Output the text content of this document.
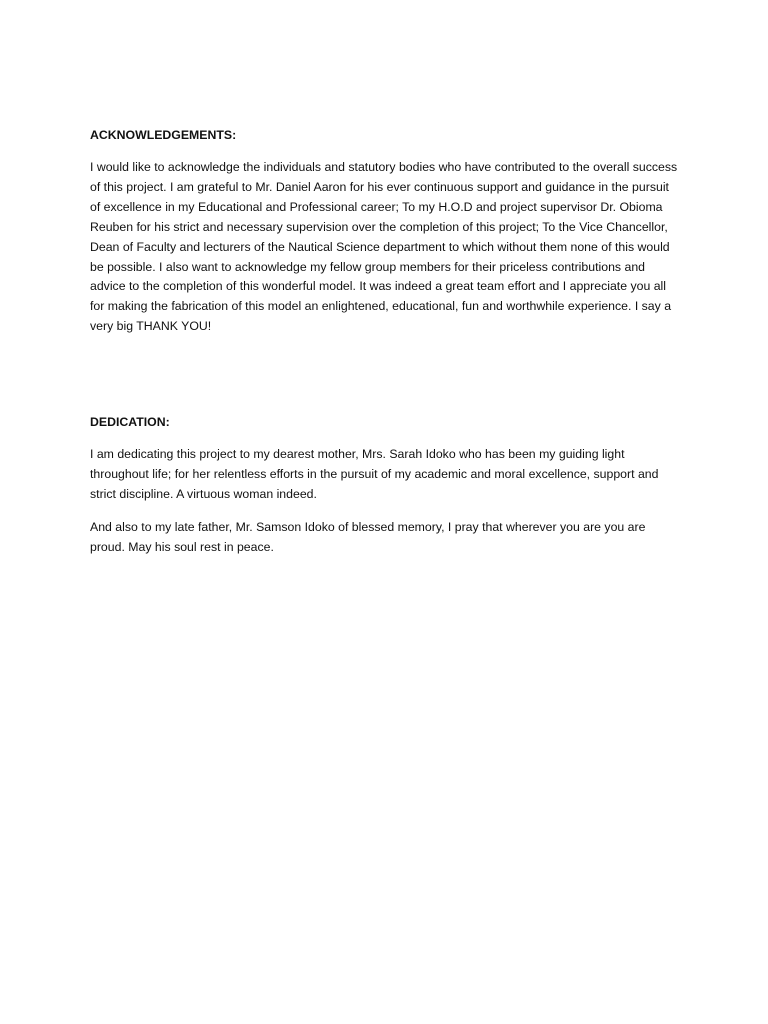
ACKNOWLEDGEMENTS:

I would like to acknowledge the individuals and statutory bodies who have contributed to the overall success of this project. I am grateful to Mr. Daniel Aaron for his ever continuous support and guidance in the pursuit of excellence in my Educational and Professional career; To my H.O.D and project supervisor Dr. Obioma Reuben for his strict and necessary supervision over the completion of this project; To the Vice Chancellor, Dean of Faculty and lecturers of the Nautical Science department to which without them none of this would be possible. I also want to acknowledge my fellow group members for their priceless contributions and advice to the completion of this wonderful model. It was indeed a great team effort and I appreciate you all for making the fabrication of this model an enlightened, educational, fun and worthwhile experience. I say a very big THANK YOU!

DEDICATION:

I am dedicating this project to my dearest mother, Mrs. Sarah Idoko who has been my guiding light throughout life; for her relentless efforts in the pursuit of my academic and moral excellence, support and strict discipline. A virtuous woman indeed.

And also to my late father, Mr. Samson Idoko of blessed memory, I pray that wherever you are you are proud. May his soul rest in peace.
